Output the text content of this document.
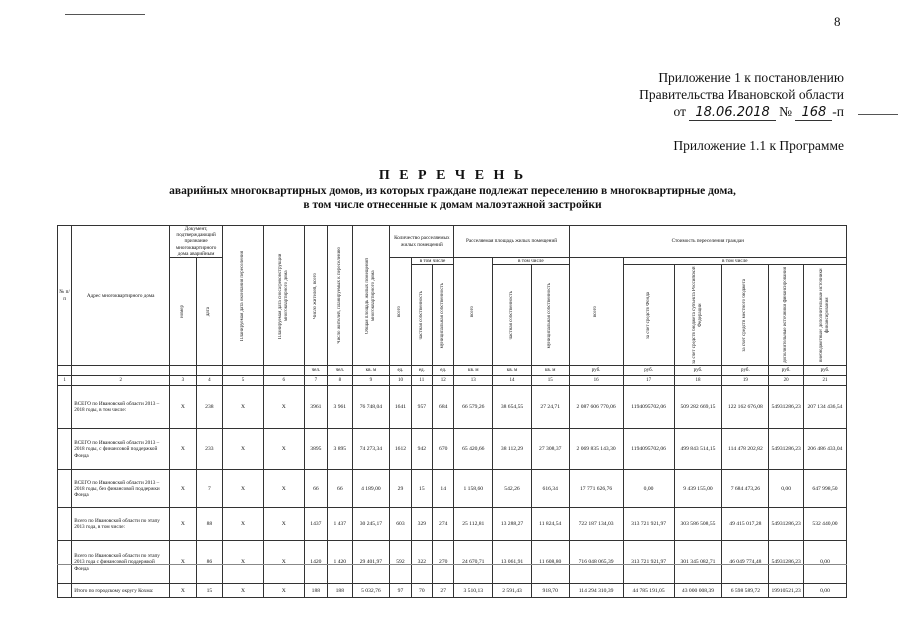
8
Приложение 1 к постановлению
Правительства Ивановской области
от 18.06.2018 № 168 -п
Приложение 1.1 к Программе
П Е Р Е Ч Е Н Ь
аварийных многоквартирных домов, из которых граждане подлежат переселению в многоквартирные дома,
в том числе отнесенные к домам малоэтажной застройки
№ п/п	Адрес многоквартирного дома	Документ, подтверждающий признание многоквартирного дома аварийным		Планируемая дата окончания переселения	Планируемая дата сноса/реконструкции многоквартирного дома	Число жителей, всего	Число жителей, планируемых к переселению	Общая площадь жилых помещений многоквартирного дома	Количество расселяемых жилых помещений			Расселяемая площадь жилых помещений			Стоимость переселения граждан					

		номер	дата						всего	в том числе		всего	в том числе		всего	в том числе				

										частная собственность	муниципальная собственность		частная собственность	муниципальная собственность		за счет средств Фонда	за счет средств бюджета субъекта Российской Федерации	за счет средств местного бюджета	дополнительные источники финансирования	внебюджетные/ дополнительные источники финансирования

						чел.	чел.	кв. м	ед.	ед.	ед.	кв. м	кв. м	кв. м	руб.	руб.	руб.	руб.	руб.	руб.
1	2	3	4	5	6	7	8	9	10	11	12	13	14	15	16	17	18	19	20	21
	ВСЕГО по Ивановской области 2013 – 2018 годы, в том числе:	X	238	X	X	3961	3 961	76 748,04	1641	957	684	66 579,26	38 654,55	27 24,71	2 087 606 770,06	1194095702,06	509 282 669,15	122 162 676,08	54931286,23	207 134 436,54
	ВСЕГО по Ивановской области 2013 – 2018 годы, с финансовой поддержкой Фонда	X	233	X	X	3895	3 895	74 273,34	1612	942	670	65 420,66	38 112,29	27 308,37	2 069 835 143,30	1194095702,06	499 843 514,15	114 478 202,82	54931286,23	206 486 433,04
	ВСЕГО по Ивановской области 2013 – 2018 годы, без финансовой поддержки Фонда	X	7	X	X	66	66	4 189,00	29	15	14	1 158,60	542,26	616,34	17 771 626,76	0,00	9 439 155,00	7 684 473,26	0,00	647 998,50
	Всего по Ивановской области по этапу 2013 года, в том числе:	X	88	X	X	1437	1 437	30 245,17	603	329	274	25 112,81	13 288,27	11 824,54	722 187 134,03	313 721 921,97	303 586 508,55	49 415 017,28	54931286,23	532 440,00
	Всего по Ивановской области по этапу 2013 года с финансовой поддержкой Фонда	X	86	X	X	1420	1 420	29 401,97	592	322	270	24 670,71	13 061,91	11 608,80	716 048 065,39	313 721 921,97	301 345 082,71	46 049 774,48	54931286,23	0,00
	Итого по городскому округу Кохма:	X	15	X	X	188	188	5 032,76	97	70	27	3 510,13	2 591,43	918,70	114 294 310,39	44 785 191,05	43 000 008,39	6 598 589,72	19910521,23	0,00
